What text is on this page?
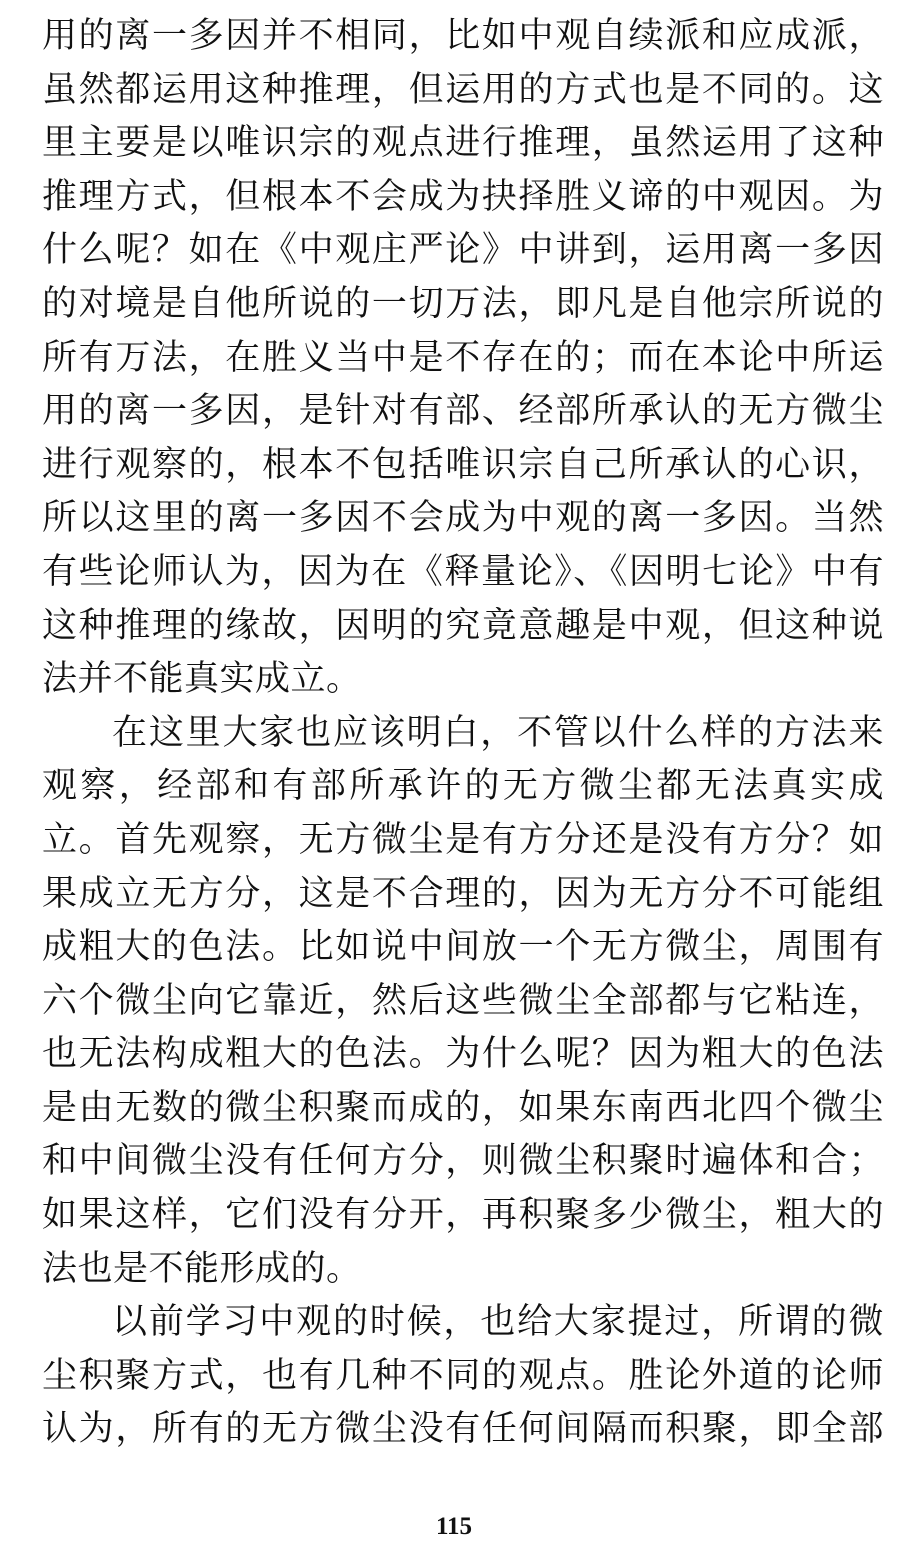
用的离一多因并不相同，比如中观自续派和应成派，
虽然都运用这种推理，但运用的方式也是不同的。这
里主要是以唯识宗的观点进行推理，虽然运用了这种
推理方式，但根本不会成为抉择胜义谛的中观因。为
什么呢？如在《中观庄严论》中讲到，运用离一多因
的对境是自他所说的一切万法，即凡是自他宗所说的
所有万法，在胜义当中是不存在的；而在本论中所运
用的离一多因，是针对有部、经部所承认的无方微尘
进行观察的，根本不包括唯识宗自己所承认的心识，
所以这里的离一多因不会成为中观的离一多因。当然
有些论师认为，因为在《释量论》、《因明七论》中有
这种推理的缘故，因明的究竟意趣是中观，但这种说
法并不能真实成立。
在这里大家也应该明白，不管以什么样的方法来
观察，经部和有部所承许的无方微尘都无法真实成
立。首先观察，无方微尘是有方分还是没有方分？如
果成立无方分，这是不合理的，因为无方分不可能组
成粗大的色法。比如说中间放一个无方微尘，周围有
六个微尘向它靠近，然后这些微尘全部都与它粘连，
也无法构成粗大的色法。为什么呢？因为粗大的色法
是由无数的微尘积聚而成的，如果东南西北四个微尘
和中间微尘没有任何方分，则微尘积聚时遍体和合；
如果这样，它们没有分开，再积聚多少微尘，粗大的
法也是不能形成的。
以前学习中观的时候，也给大家提过，所谓的微
尘积聚方式，也有几种不同的观点。胜论外道的论师
认为，所有的无方微尘没有任何间隔而积聚，即全部
115
